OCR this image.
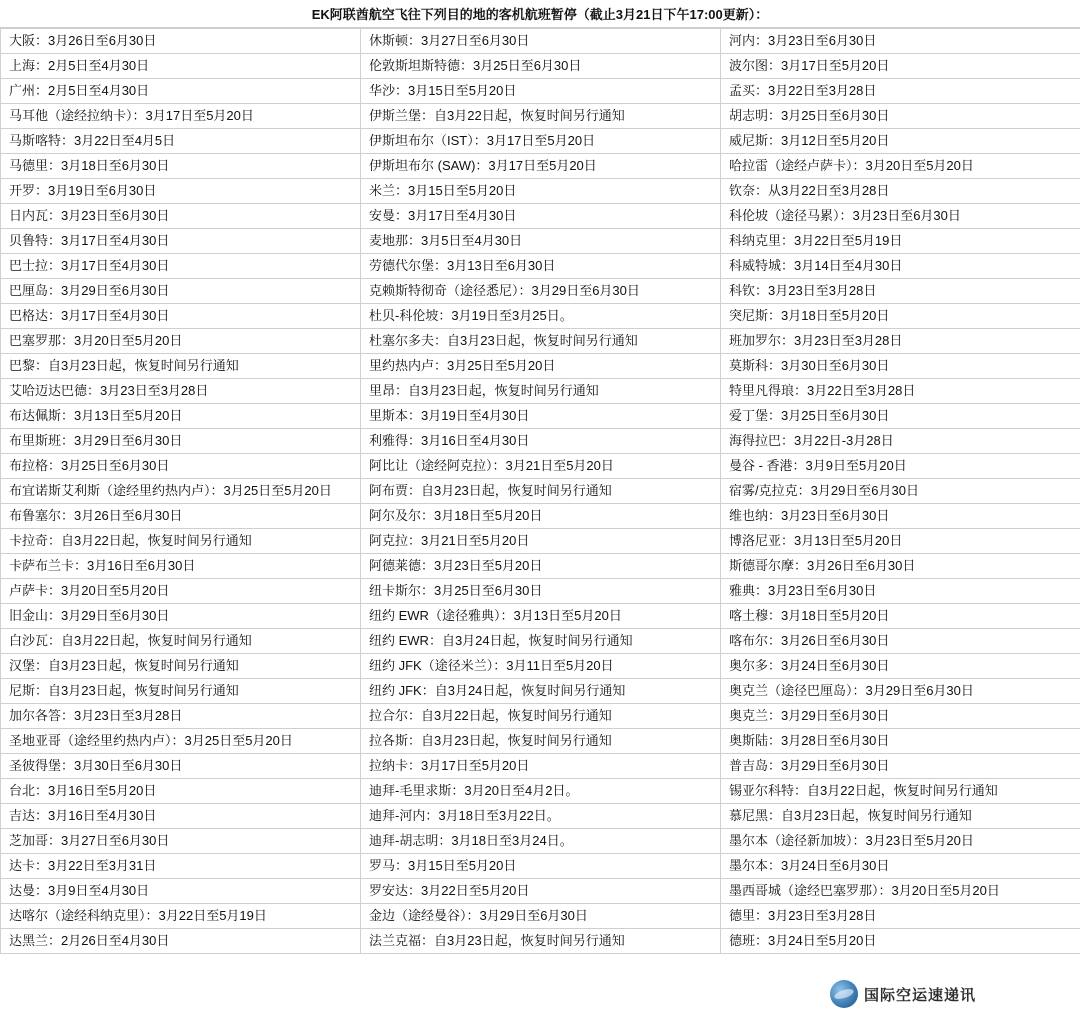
EK阿联酋航空飞往下列目的地的客机航班暂停（截止3月21日下午17:00更新）：
大阪：3月26日至6月30日	休斯顿：3月27日至6月30日	河内：3月23日至6月30日

上海：2月5日至4月30日	伦敦斯坦斯特德：3月25日至6月30日	波尔图：3月17日至5月20日

广州：2月5日至4月30日	华沙：3月15日至5月20日	孟买：3月22日至3月28日

马耳他（途经拉纳卡）：3月17日至5月20日	伊斯兰堡：自3月22日起，恢复时间另行通知	胡志明：3月25日至6月30日

马斯喀特：3月22日至4月5日	伊斯坦布尔（IST）：3月17日至5月20日	威尼斯：3月12日至5月20日

马德里：3月18日至6月30日	伊斯坦布尔 (SAW)：3月17日至5月20日	哈拉雷（途经卢萨卡）：3月20日至5月20日

开罗：3月19日至6月30日	米兰：3月15日至5月20日	钦奈：从3月22日至3月28日

日内瓦：3月23日至6月30日	安曼：3月17日至4月30日	科伦坡（途径马累）：3月23日至6月30日

贝鲁特：3月17日至4月30日	麦地那：3月5日至4月30日	科纳克里：3月22日至5月19日

巴士拉：3月17日至4月30日	劳德代尔堡：3月13日至6月30日	科威特城：3月14日至4月30日

巴厘岛：3月29日至6月30日	克赖斯特彻奇（途径悉尼）：3月29日至6月30日	科钦：3月23日至3月28日

巴格达：3月17日至4月30日	杜贝-科伦坡：3月19日至3月25日。	突尼斯：3月18日至5月20日

巴塞罗那：3月20日至5月20日	杜塞尔多夫：自3月23日起，恢复时间另行通知	班加罗尔：3月23日至3月28日

巴黎：自3月23日起，恢复时间另行通知	里约热内卢：3月25日至5月20日	莫斯科：3月30日至6月30日

艾哈迈达巴德：3月23日至3月28日	里昂：自3月23日起，恢复时间另行通知	特里凡得琅：3月22日至3月28日

布达佩斯：3月13日至5月20日	里斯本：3月19日至4月30日	爱丁堡：3月25日至6月30日

布里斯班：3月29日至6月30日	利雅得：3月16日至4月30日	海得拉巴：3月22日-3月28日

布拉格：3月25日至6月30日	阿比让（途经阿克拉）：3月21日至5月20日	曼谷 - 香港：3月9日至5月20日

布宜诺斯艾利斯（途经里约热内卢）：3月25日至5月20日	阿布贾：自3月23日起，恢复时间另行通知	宿雾/克拉克：3月29日至6月30日

布鲁塞尔：3月26日至6月30日	阿尔及尔：3月18日至5月20日	维也纳：3月23日至6月30日

卡拉奇：自3月22日起，恢复时间另行通知	阿克拉：3月21日至5月20日	博洛尼亚：3月13日至5月20日

卡萨布兰卡：3月16日至6月30日	阿德莱德：3月23日至5月20日	斯德哥尔摩：3月26日至6月30日

卢萨卡：3月20日至5月20日	纽卡斯尔：3月25日至6月30日	雅典：3月23日至6月30日

旧金山：3月29日至6月30日	纽约 EWR（途径雅典）：3月13日至5月20日	喀土穆：3月18日至5月20日

白沙瓦：自3月22日起，恢复时间另行通知	纽约 EWR：自3月24日起，恢复时间另行通知	喀布尔：3月26日至6月30日

汉堡：自3月23日起，恢复时间另行通知	纽约 JFK（途径米兰）：3月11日至5月20日	奥尔多：3月24日至6月30日

尼斯：自3月23日起，恢复时间另行通知	纽约 JFK：自3月24日起，恢复时间另行通知	奥克兰（途径巴厘岛）：3月29日至6月30日

加尔各答：3月23日至3月28日	拉合尔：自3月22日起，恢复时间另行通知	奥克兰：3月29日至6月30日

圣地亚哥（途经里约热内卢）：3月25日至5月20日	拉各斯：自3月23日起，恢复时间另行通知	奥斯陆：3月28日至6月30日

圣彼得堡：3月30日至6月30日	拉纳卡：3月17日至5月20日	普吉岛：3月29日至6月30日

台北：3月16日至5月20日	迪拜-毛里求斯：3月20日至4月2日。	锡亚尔科特：自3月22日起，恢复时间另行通知

吉达：3月16日至4月30日	迪拜-河内：3月18日至3月22日。	慕尼黑：自3月23日起，恢复时间另行通知

芝加哥：3月27日至6月30日	迪拜-胡志明：3月18日至3月24日。	墨尔本（途径新加坡）：3月23日至5月20日

达卡：3月22日至3月31日	罗马：3月15日至5月20日	墨尔本：3月24日至6月30日

达曼：3月9日至4月30日	罗安达：3月22日至5月20日	墨西哥城（途经巴塞罗那）：3月20日至5月20日

达喀尔（途经科纳克里）：3月22日至5月19日	金边（途经曼谷）：3月29日至6月30日	德里：3月23日至3月28日

达黑兰：2月26日至4月30日	法兰克福：自3月23日起，恢复时间另行通知	德班：3月24日至5月20日
国际空运速递讯
